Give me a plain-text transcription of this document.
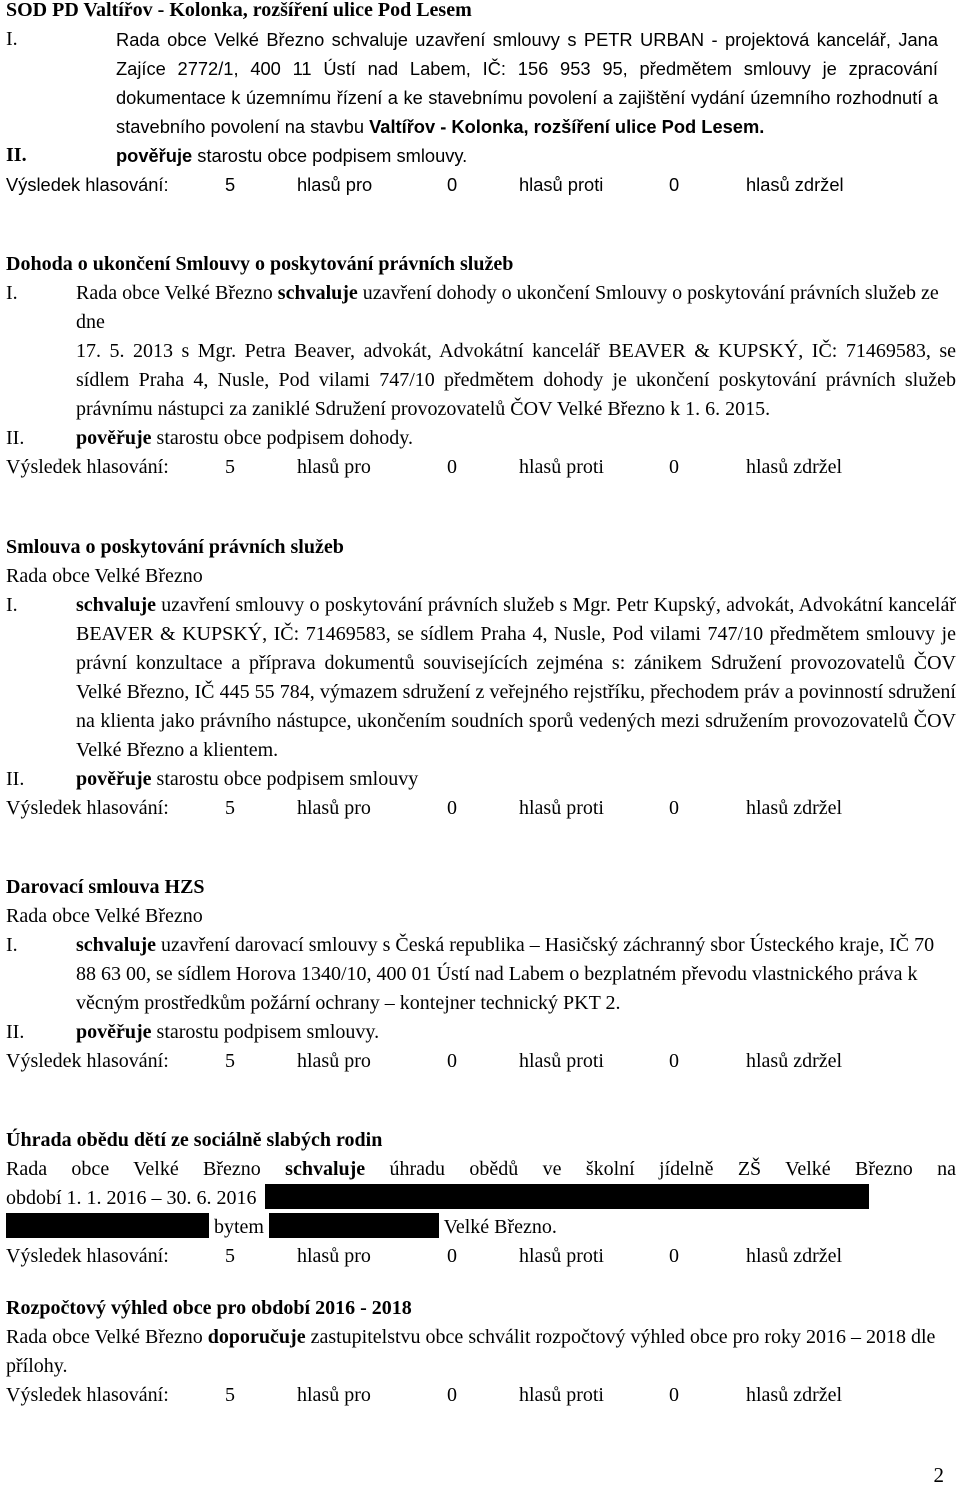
SOD PD Valtířov - Kolonka, rozšíření ulice Pod Lesem
I.	Rada obce Velké Březno schvaluje uzavření smlouvy s PETR URBAN - projektová kancelář, Jana Zajíce 2772/1, 400 11 Ústí nad Labem, IČ: 156 953 95, předmětem smlouvy je zpracování dokumentace k územnímu řízení a ke stavebnímu povolení a zajištění vydání územního rozhodnutí a stavebního povolení na stavbu Valtířov - Kolonka, rozšíření ulice Pod Lesem.
II.	pověřuje starostu obce podpisem smlouvy.
Výsledek hlasování:	5	hlasů pro	0	hlasů proti	0	hlasů zdržel
Dohoda o ukončení Smlouvy o poskytování právních služeb
I.	Rada obce Velké Březno schvaluje uzavření dohody o ukončení Smlouvy o poskytování právních služeb ze dne
17. 5. 2013 s Mgr. Petra Beaver, advokát, Advokátní kancelář BEAVER & KUPSKÝ, IČ: 71469583, se sídlem Praha 4, Nusle, Pod vilami 747/10 předmětem dohody je ukončení poskytování právních služeb právnímu nástupci za zaniklé Sdružení provozovatelů ČOV Velké Březno k 1. 6. 2015.
II.	pověřuje starostu obce podpisem dohody.
Výsledek hlasování:	5	hlasů pro	0	hlasů proti	0	hlasů zdržel
Smlouva o poskytování právních služeb
Rada obce Velké Březno
I.	schvaluje uzavření smlouvy o poskytování právních služeb s Mgr. Petr Kupský, advokát, Advokátní kancelář BEAVER & KUPSKÝ, IČ: 71469583, se sídlem Praha 4, Nusle, Pod vilami 747/10 předmětem smlouvy je právní konzultace a příprava dokumentů souvisejících zejména s: zánikem Sdružení provozovatelů ČOV Velké Březno, IČ 445 55 784, výmazem sdružení z veřejného rejstříku, přechodem práv a povinností sdružení na klienta jako právního nástupce, ukončením soudních sporů vedených mezi sdružením provozovatelů ČOV Velké Březno a klientem.
II.	pověřuje starostu obce podpisem smlouvy
Výsledek hlasování:	5	hlasů pro	0	hlasů proti	0	hlasů zdržel
Darovací smlouva HZS
Rada obce Velké Březno
I.	schvaluje uzavření darovací smlouvy s Česká republika – Hasičský záchranný sbor Ústeckého kraje, IČ 70 88 63 00, se sídlem Horova 1340/10, 400 01 Ústí nad Labem o bezplatném převodu vlastnického práva k věcným prostředkům požární ochrany – kontejner technický PKT 2.
II.	pověřuje starostu podpisem smlouvy.
Výsledek hlasování:	5	hlasů pro	0	hlasů proti	0	hlasů zdržel
Úhrada obědu dětí ze sociálně slabých rodin
Rada obce Velké Březno schvaluje úhradu obědů ve školní jídelně ZŠ Velké Březno na
období 1. 1. 2016 – 30. 6. 2016
bytem	Velké Březno.
Výsledek hlasování:	5	hlasů pro	0	hlasů proti	0	hlasů zdržel
Rozpočtový výhled obce pro období 2016 - 2018
Rada obce Velké Březno doporučuje zastupitelstvu obce schválit rozpočtový výhled obce pro roky 2016 – 2018 dle přílohy.
Výsledek hlasování:	5	hlasů pro	0	hlasů proti	0	hlasů zdržel
2
